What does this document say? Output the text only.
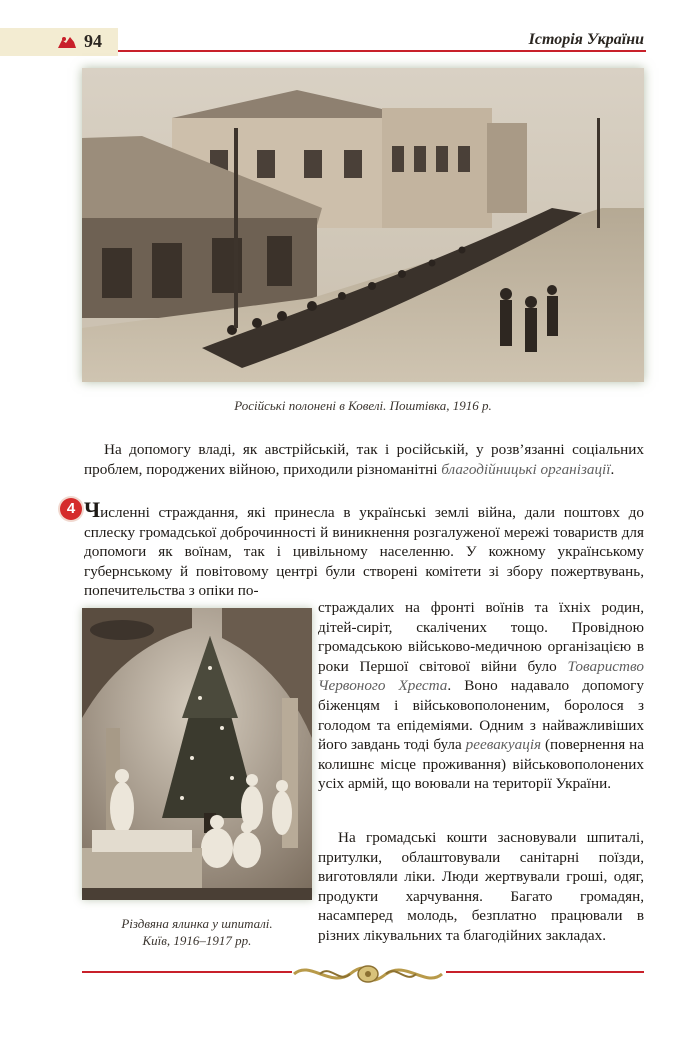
94	Історія України
Російські полонені в Ковелі. Поштівка, 1916 р.

На допомогу владі, як австрійській, так і російській, у розв’язанні соціальних проблем, породжених війною, приходили різноманітні благодійницькі організації.

4 Численні страждання, які принесла в українські землі війна, дали поштовх до сплеску громадської доброчинності й виникнення розгалуженої мережі товариств для допомоги як воїнам, так і цивільному населенню. У кожному українському губернському й повітовому центрі були створені комітети зі збору пожертвувань, попечительства з опіки по-

Різдвяна ялинка у шпиталі.
Київ, 1916–1917 рр.

страждалих на фронті воїнів та їхніх родин, дітей-сиріт, скалічених тощо. Провідною громадською військово-медичною організацією в роки Першої світової війни було Товариство Червоного Хреста. Воно надавало допомогу біженцям і військовополоненим, боролося з голодом та епідеміями. Одним з найважливіших його завдань тоді була реевакуація (повернення на колишнє місце проживання) військовополонених усіх армій, що воювали на території України.

На громадські кошти засновували шпиталі, притулки, облаштовували санітарні поїзди, виготовляли ліки. Люди жертвували гроші, одяг, продукти харчування. Багато громадян, насамперед молодь, безплатно працювали в різних лікувальних та благодійних закладах.
